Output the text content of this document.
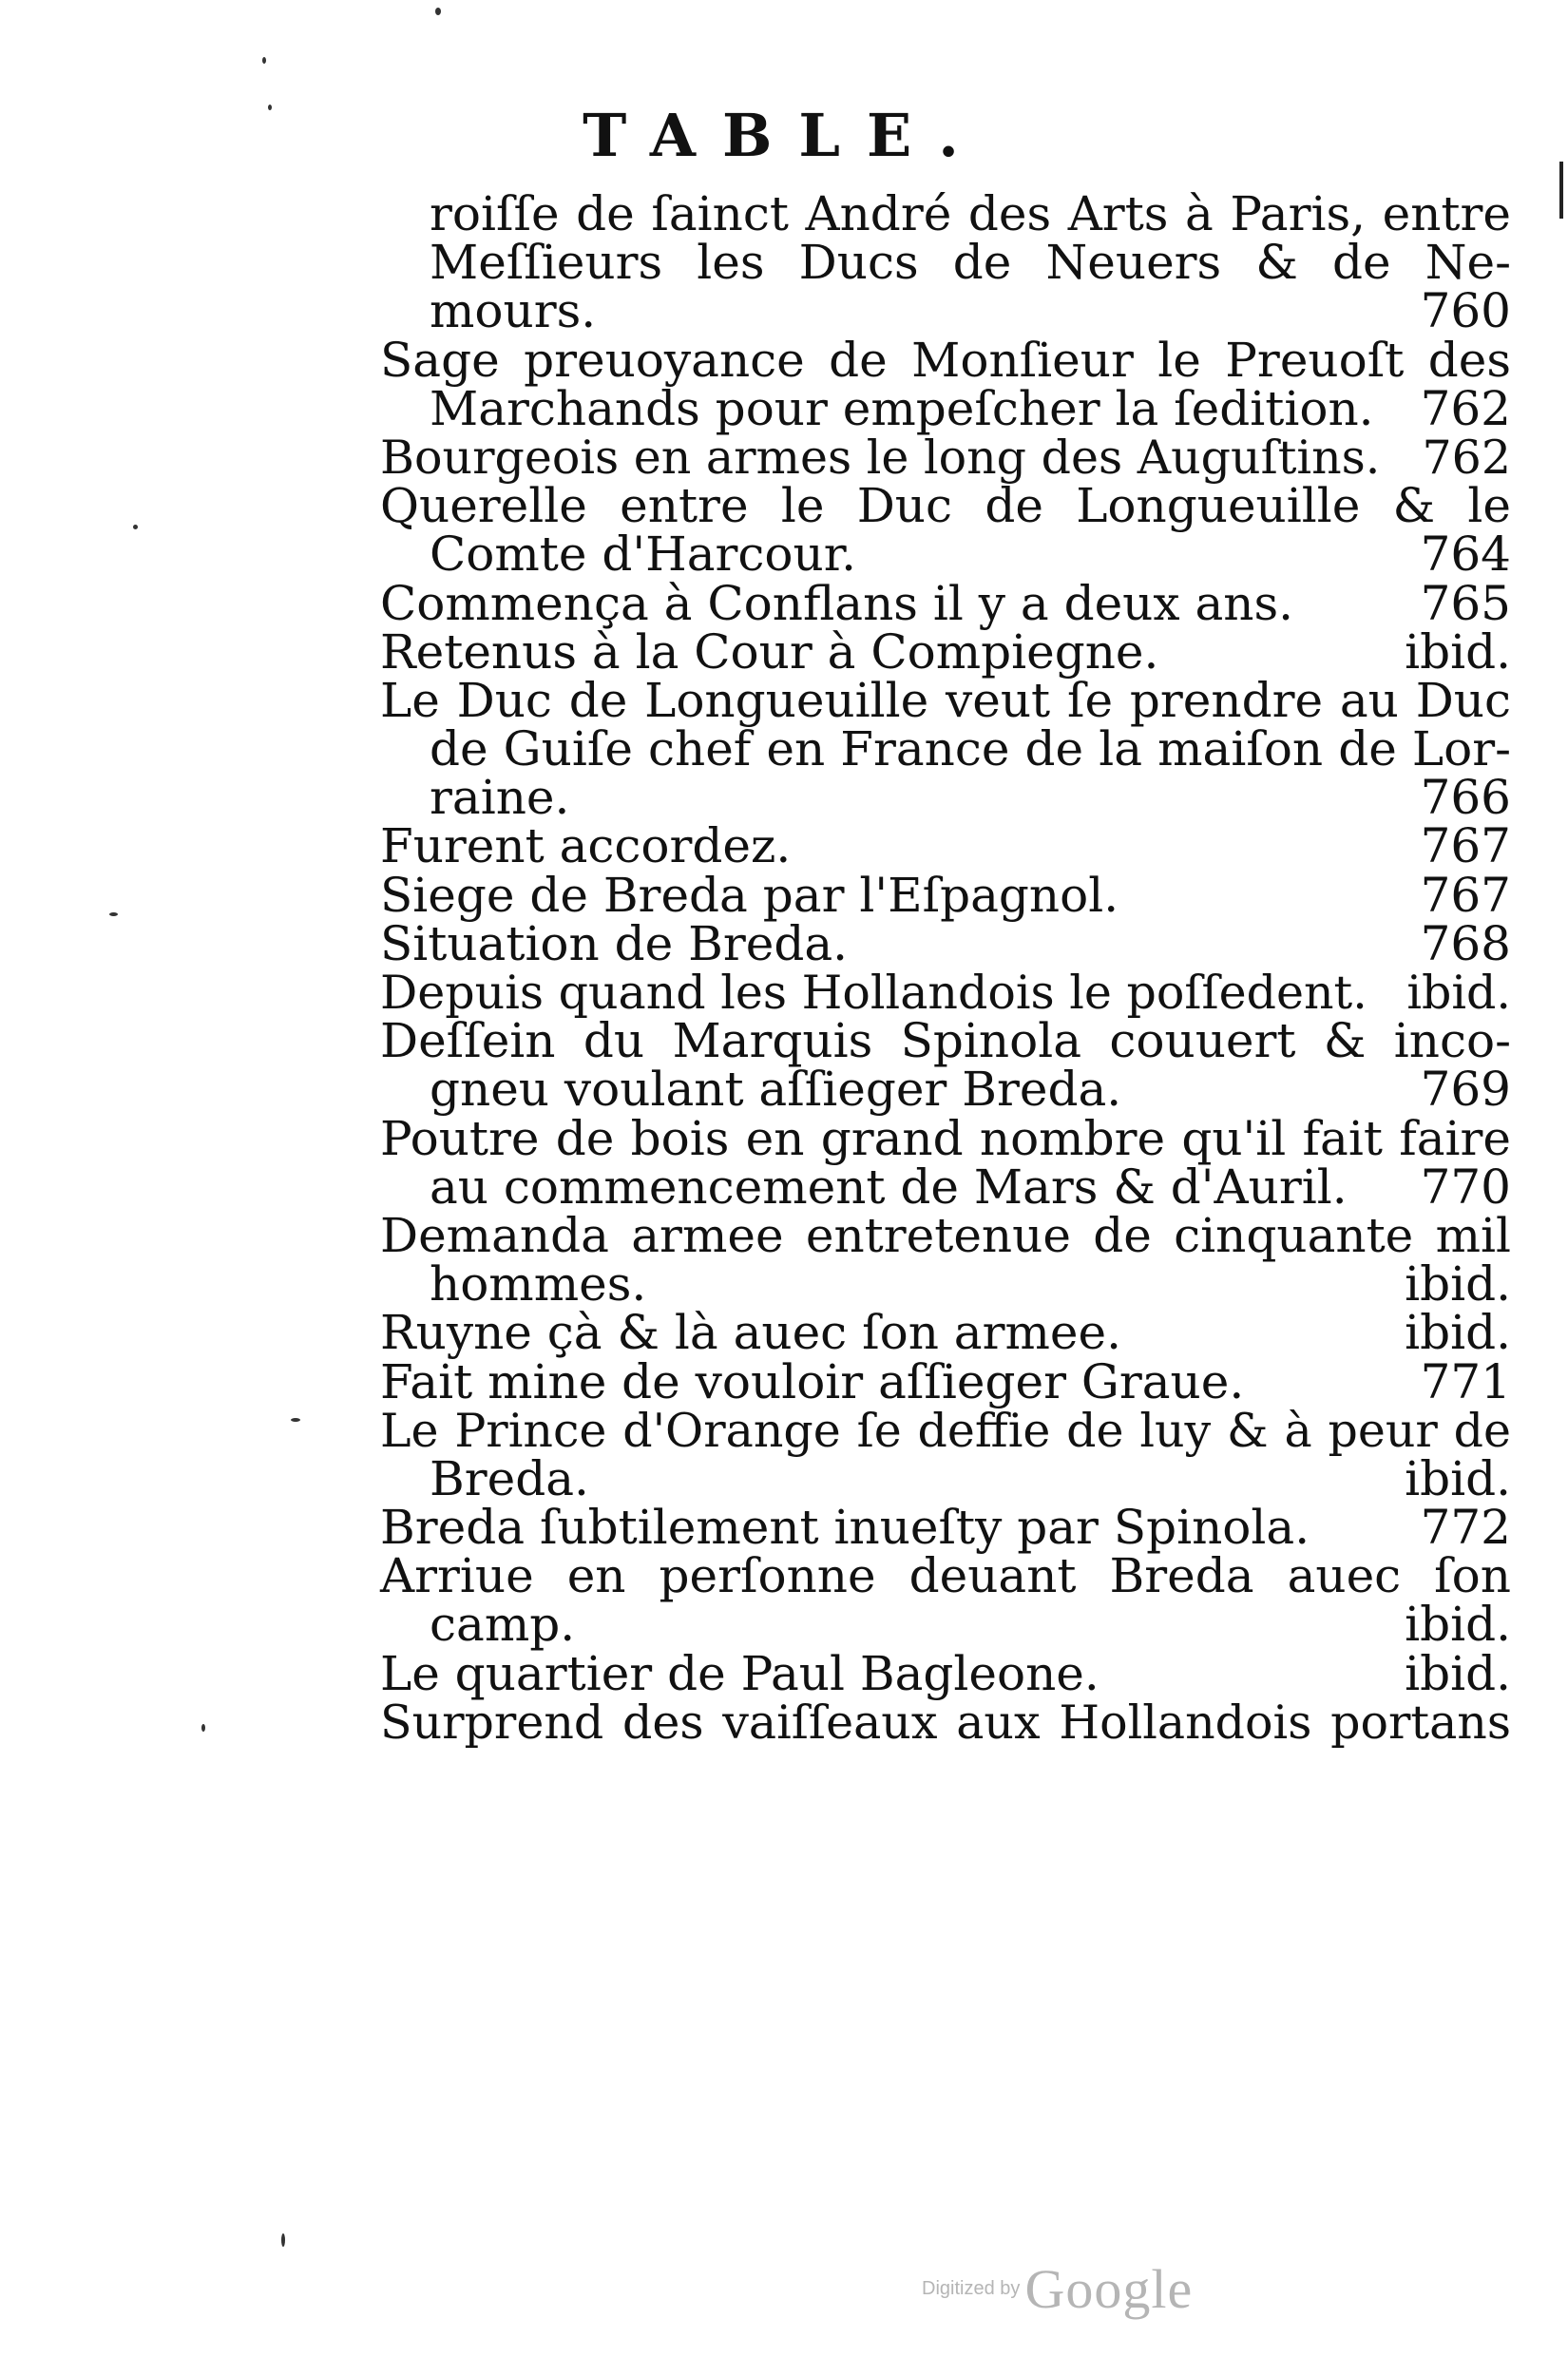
TABLE.
roiſſe de ſainct André des Arts à Paris, entre
Meſſieurs les Ducs de Neuers & de Ne-
mours.	760
Sage preuoyance de Monſieur le Preuoſt des
Marchands pour empeſcher la ſedition. 762
Bourgeois en armes le long des Auguſtins. 762
Querelle entre le Duc de Longueuille & le
Comte d'Harcour.	764
Commença à Conflans il y a deux ans.	765
Retenus à la Cour à Compiegne.	ibid.
Le Duc de Longueuille veut ſe prendre au Duc
de Guiſe chef en France de la maiſon de Lor-
raine.	766
Furent accordez.	767
Siege de Breda par l'Eſpagnol.	767
Situation de Breda.	768
Depuis quand les Hollandois le poſſedent. ibid.
Deſſein du Marquis Spinola couuert & inco-
gneu voulant aſſieger Breda.	769
Poutre de bois en grand nombre qu'il fait faire
au commencement de Mars & d'Auril. 770
Demanda armee entretenue de cinquante mil
hommes.	ibid.
Ruyne çà & là auec ſon armee.	ibid.
Fait mine de vouloir aſſieger Graue.	771
Le Prince d'Orange ſe deffie de luy & à peur de
Breda.	ibid.
Breda ſubtilement inueſty par Spinola. 772
Arriue en perſonne deuant Breda auec ſon
camp.	ibid.
Le quartier de Paul Bagleone.	ibid.
Surprend des vaiſſeaux aux Hollandois portans
Digitized by Google
